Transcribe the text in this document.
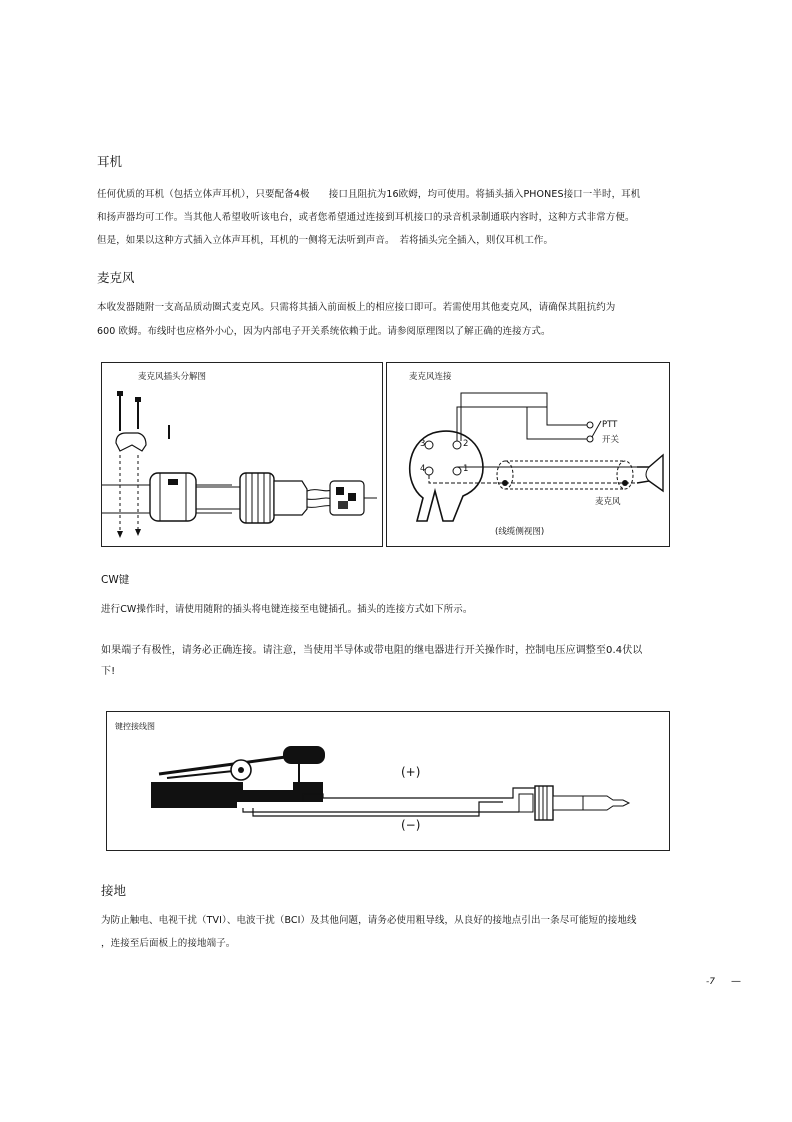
耳机
任何优质的耳机（包括立体声耳机），只要配备4极　　接口且阻抗为16欧姆，均可使用。将插头插入PHONES接口一半时，耳机
和扬声器均可工作。当其他人希望收听该电台，或者您希望通过连接到耳机接口的录音机录制通联内容时，这种方式非常方便。
但是，如果以这种方式插入立体声耳机，耳机的一侧将无法听到声音。　若将插头完全插入，则仅耳机工作。
麦克风
本收发器随附一支高品质动圈式麦克风。只需将其插入前面板上的相应接口即可。若需使用其他麦克风，请确保其阻抗约为
600 欧姆。布线时也应格外小心，因为内部电子开关系统依赖于此。请参阅原理图以了解正确的连接方式。
麦克风插头分解图	麦克风连接
3	2
4	1
PTT
开关
麦克风
(线缆侧视图)
CW键
进行CW操作时，请使用随附的插头将电键连接至电键插孔。插头的连接方式如下所示。
如果端子有极性，请务必正确连接。请注意，当使用半导体或带电阻的继电器进行开关操作时，控制电压应调整至0.4伏以
下!
键控接线图
(+)
(−)
接地
为防止触电、电视干扰（TVI）、电波干扰（BCI）及其他问题，请务必使用粗导线，从良好的接地点引出一条尽可能短的接地线
，连接至后面板上的接地端子。
-7 —
